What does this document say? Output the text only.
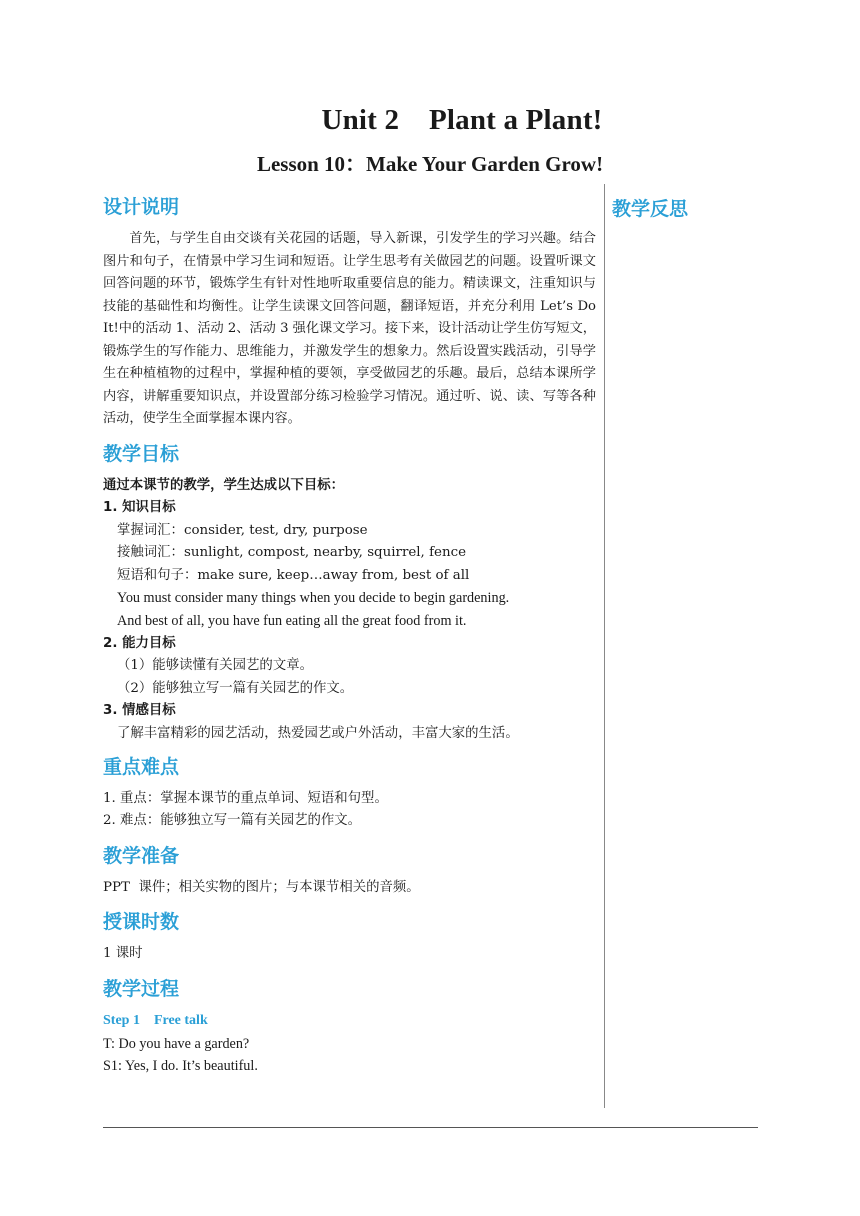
Unit 2    Plant a Plant!
Lesson 10：Make Your Garden Grow!
教学反思
设计说明

首先，与学生自由交谈有关花园的话题，导入新课，引发学生的学习兴趣。结合图片和句子，在情景中学习生词和短语。让学生思考有关做园艺的问题。设置听课文回答问题的环节，锻炼学生有针对性地听取重要信息的能力。精读课文，注重知识与技能的基础性和均衡性。让学生读课文回答问题，翻译短语，并充分利用 Let’s Do It!中的活动 1、活动 2、活动 3 强化课文学习。接下来，设计活动让学生仿写短文，锻炼学生的写作能力、思维能力，并激发学生的想象力。然后设置实践活动，引导学生在种植植物的过程中，掌握种植的要领，享受做园艺的乐趣。最后，总结本课所学内容，讲解重要知识点，并设置部分练习检验学习情况。通过听、说、读、写等各种活动，使学生全面掌握本课内容。

教学目标

通过本课节的教学，学生达成以下目标：

1. 知识目标

掌握词汇：consider, test, dry, purpose

接触词汇：sunlight, compost, nearby, squirrel, fence

短语和句子：make sure, keep…away from, best of all

You must consider many things when you decide to begin gardening.

And best of all, you have fun eating all the great food from it.

2. 能力目标

（1）能够读懂有关园艺的文章。

（2）能够独立写一篇有关园艺的作文。

3. 情感目标

了解丰富精彩的园艺活动，热爱园艺或户外活动，丰富大家的生活。

重点难点

1. 重点：掌握本课节的重点单词、短语和句型。

2. 难点：能够独立写一篇有关园艺的作文。

教学准备

PPT  课件；相关实物的图片；与本课节相关的音频。

授课时数

1 课时

教学过程

Step 1    Free talk

T: Do you have a garden?

S1: Yes, I do. It’s beautiful.
